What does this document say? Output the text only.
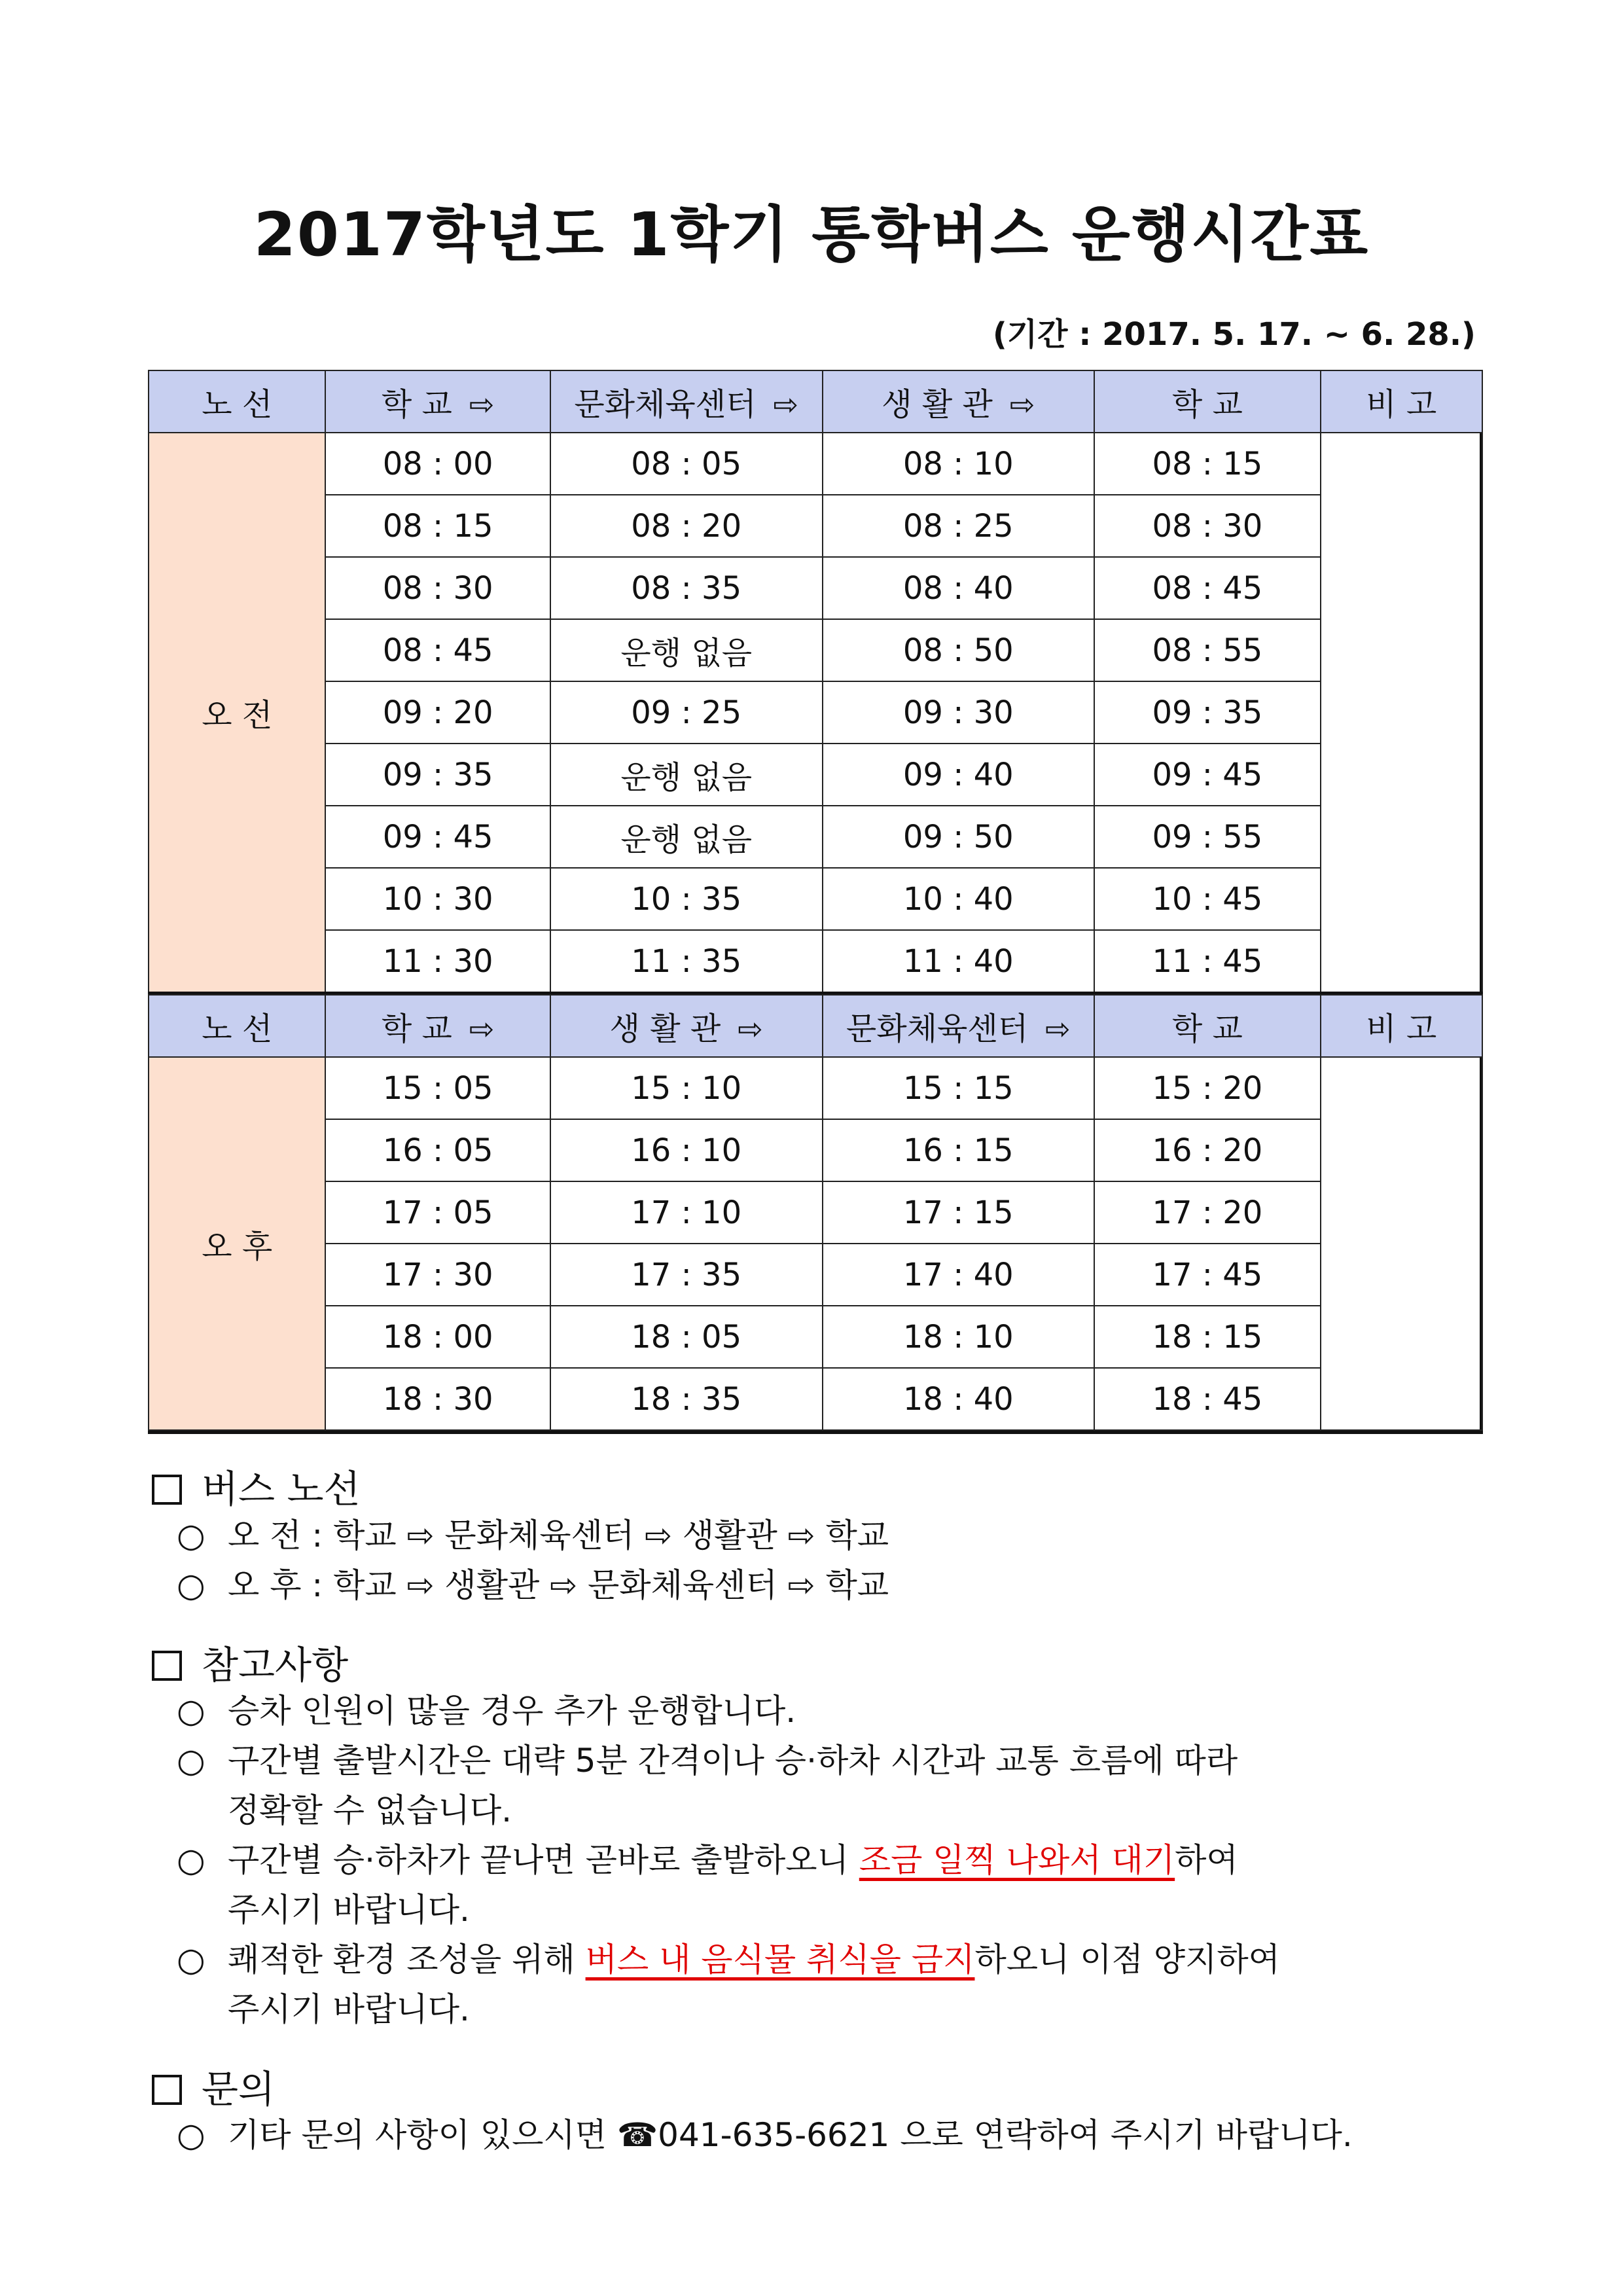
2017학년도 1학기 통학버스 운행시간표
(기간 : 2017. 5. 17. ~ 6. 28.)
노 선	학 교 ⇨	문화체육센터 ⇨	생 활 관 ⇨	학 교	비 고
오 전	08 : 00	08 : 05	08 : 10	08 : 15	
	08 : 15	08 : 20	08 : 25	08 : 30	
	08 : 30	08 : 35	08 : 40	08 : 45	
	08 : 45	운행 없음	08 : 50	08 : 55	
	09 : 20	09 : 25	09 : 30	09 : 35	
	09 : 35	운행 없음	09 : 40	09 : 45	
	09 : 45	운행 없음	09 : 50	09 : 55	
	10 : 30	10 : 35	10 : 40	10 : 45	
	11 : 30	11 : 35	11 : 40	11 : 45	
노 선	학 교 ⇨	생 활 관 ⇨	문화체육센터 ⇨	학 교	비 고
오 후	15 : 05	15 : 10	15 : 15	15 : 20	
	16 : 05	16 : 10	16 : 15	16 : 20	
	17 : 05	17 : 10	17 : 15	17 : 20	
	17 : 30	17 : 35	17 : 40	17 : 45	
	18 : 00	18 : 05	18 : 10	18 : 15	
	18 : 30	18 : 35	18 : 40	18 : 45	
버스 노선
○ 오 전 : 학교 ⇨ 문화체육센터 ⇨ 생활관 ⇨ 학교
○ 오 후 : 학교 ⇨ 생활관 ⇨ 문화체육센터 ⇨ 학교
참고사항
○ 승차 인원이 많을 경우 추가 운행합니다.
○ 구간별 출발시간은 대략 5분 간격이나 승·하차 시간과 교통 흐름에 따라
정확할 수 없습니다.
○ 구간별 승·하차가 끝나면 곧바로 출발하오니 조금 일찍 나와서 대기하여
주시기 바랍니다.
○ 쾌적한 환경 조성을 위해 버스 내 음식물 취식을 금지하오니 이점 양지하여
주시기 바랍니다.
문의
○ 기타 문의 사항이 있으시면 ☎041-635-6621 으로 연락하여 주시기 바랍니다.
